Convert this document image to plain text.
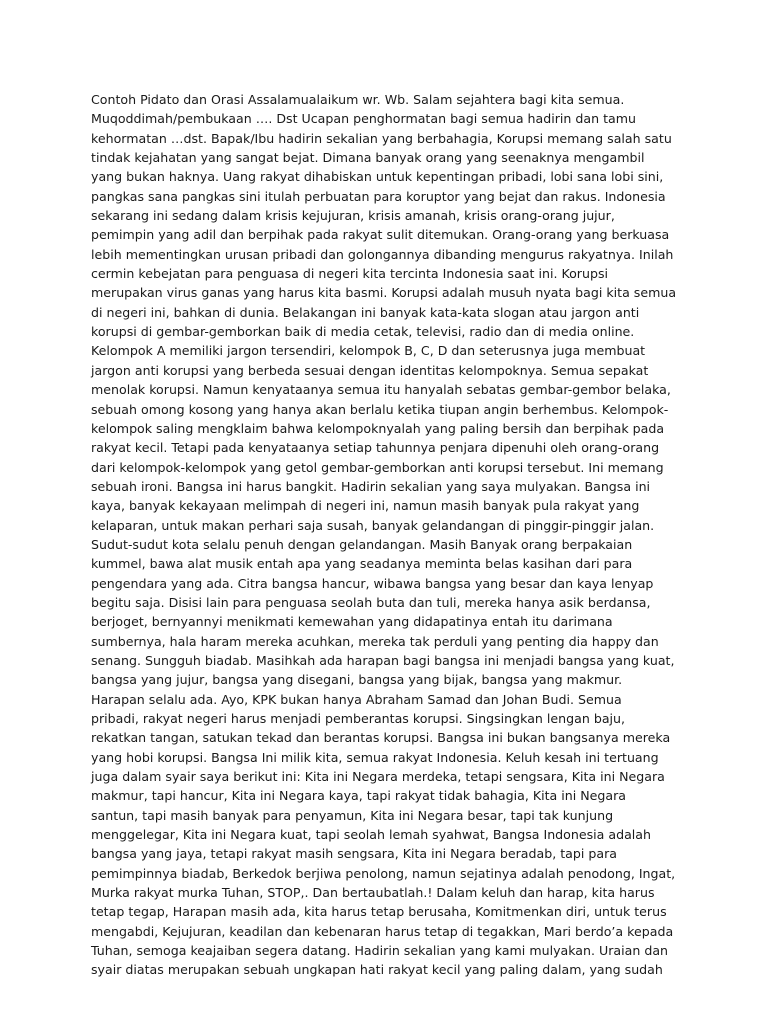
Contoh Pidato dan Orasi Assalamualaikum wr. Wb. Salam sejahtera bagi kita semua.
Muqoddimah/pembukaan …. Dst Ucapan penghormatan bagi semua hadirin dan tamu
kehormatan …dst. Bapak/Ibu hadirin sekalian yang berbahagia, Korupsi memang salah satu
tindak kejahatan yang sangat bejat. Dimana banyak orang yang seenaknya mengambil
yang bukan haknya. Uang rakyat dihabiskan untuk kepentingan pribadi, lobi sana lobi sini,
pangkas sana pangkas sini itulah perbuatan para koruptor yang bejat dan rakus. Indonesia
sekarang ini sedang dalam krisis kejujuran, krisis amanah, krisis orang-orang jujur,
pemimpin yang adil dan berpihak pada rakyat sulit ditemukan. Orang-orang yang berkuasa
lebih mementingkan urusan pribadi dan golongannya dibanding mengurus rakyatnya. Inilah
cermin kebejatan para penguasa di negeri kita tercinta Indonesia saat ini. Korupsi
merupakan virus ganas yang harus kita basmi. Korupsi adalah musuh nyata bagi kita semua
di negeri ini, bahkan di dunia. Belakangan ini banyak kata-kata slogan atau jargon anti
korupsi di gembar-gemborkan baik di media cetak, televisi, radio dan di media online.
Kelompok A memiliki jargon tersendiri, kelompok B, C, D dan seterusnya juga membuat
jargon anti korupsi yang berbeda sesuai dengan identitas kelompoknya. Semua sepakat
menolak korupsi. Namun kenyataanya semua itu hanyalah sebatas gembar-gembor belaka,
sebuah omong kosong yang hanya akan berlalu ketika tiupan angin berhembus. Kelompok-
kelompok saling mengklaim bahwa kelompoknyalah yang paling bersih dan berpihak pada
rakyat kecil. Tetapi pada kenyataanya setiap tahunnya penjara dipenuhi oleh orang-orang
dari kelompok-kelompok yang getol gembar-gemborkan anti korupsi tersebut. Ini memang
sebuah ironi. Bangsa ini harus bangkit. Hadirin sekalian yang saya mulyakan. Bangsa ini
kaya, banyak kekayaan melimpah di negeri ini, namun masih banyak pula rakyat yang
kelaparan, untuk makan perhari saja susah, banyak gelandangan di pinggir-pinggir jalan.
Sudut-sudut kota selalu penuh dengan gelandangan. Masih Banyak orang berpakaian
kummel, bawa alat musik entah apa yang seadanya meminta belas kasihan dari para
pengendara yang ada. Citra bangsa hancur, wibawa bangsa yang besar dan kaya lenyap
begitu saja. Disisi lain para penguasa seolah buta dan tuli, mereka hanya asik berdansa,
berjoget, bernyannyi menikmati kemewahan yang didapatinya entah itu darimana
sumbernya, hala haram mereka acuhkan, mereka tak perduli yang penting dia happy dan
senang. Sungguh biadab. Masihkah ada harapan bagi bangsa ini menjadi bangsa yang kuat,
bangsa yang jujur, bangsa yang disegani, bangsa yang bijak, bangsa yang makmur.
Harapan selalu ada. Ayo, KPK bukan hanya Abraham Samad dan Johan Budi. Semua
pribadi, rakyat negeri harus menjadi pemberantas korupsi. Singsingkan lengan baju,
rekatkan tangan, satukan tekad dan berantas korupsi. Bangsa ini bukan bangsanya mereka
yang hobi korupsi. Bangsa Ini milik kita, semua rakyat Indonesia. Keluh kesah ini tertuang
juga dalam syair saya berikut ini: Kita ini Negara merdeka, tetapi sengsara, Kita ini Negara
makmur, tapi hancur, Kita ini Negara kaya, tapi rakyat tidak bahagia, Kita ini Negara
santun, tapi masih banyak para penyamun, Kita ini Negara besar, tapi tak kunjung
menggelegar, Kita ini Negara kuat, tapi seolah lemah syahwat, Bangsa Indonesia adalah
bangsa yang jaya, tetapi rakyat masih sengsara, Kita ini Negara beradab, tapi para
pemimpinnya biadab, Berkedok berjiwa penolong, namun sejatinya adalah penodong, Ingat,
Murka rakyat murka Tuhan, STOP,. Dan bertaubatlah.! Dalam keluh dan harap, kita harus
tetap tegap, Harapan masih ada, kita harus tetap berusaha, Komitmenkan diri, untuk terus
mengabdi, Kejujuran, keadilan dan kebenaran harus tetap di tegakkan, Mari berdo’a kepada
Tuhan, semoga keajaiban segera datang. Hadirin sekalian yang kami mulyakan. Uraian dan
syair diatas merupakan sebuah ungkapan hati rakyat kecil yang paling dalam, yang sudah
